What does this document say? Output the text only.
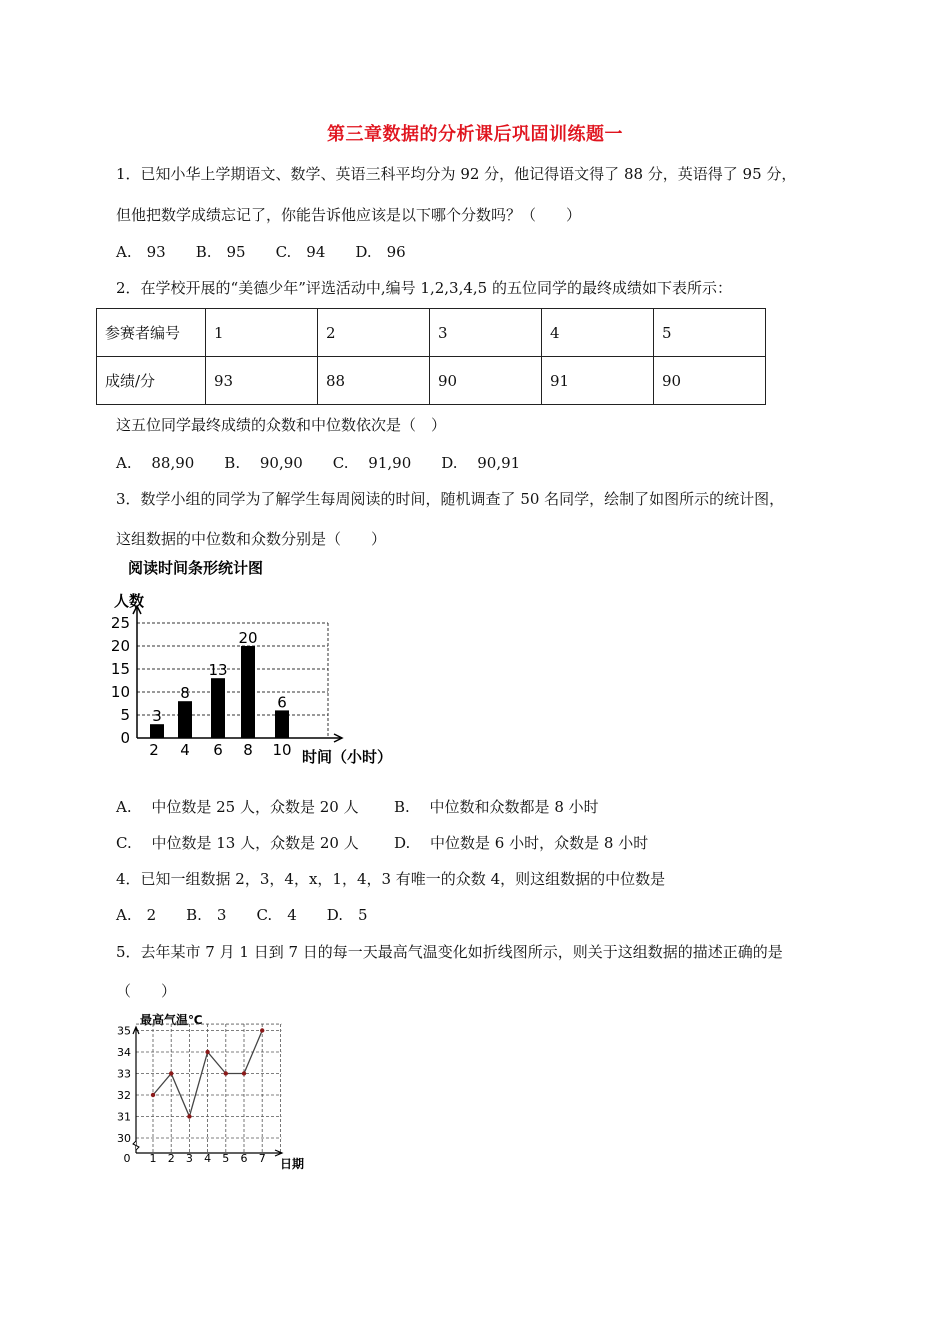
第三章数据的分析课后巩固训练题一
1．已知小华上学期语文、数学、英语三科平均分为 92 分，他记得语文得了 88 分，英语得了 95 分，
但他把数学成绩忘记了，你能告诉他应该是以下哪个分数吗？（　　）
A.　93　　B.　95　　C.　94　　D.　96
2．在学校开展的“美德少年”评选活动中,编号 1,2,3,4,5 的五位同学的最终成绩如下表所示：
参赛者编号	1	2	3	4	5
成绩/分	93	88	90	91	90
这五位同学最终成绩的众数和中位数依次是（　）
A.　 88,90　　B.　 90,90　　C.　 91,90　　D.　 90,91
3．数学小组的同学为了解学生每周阅读的时间，随机调查了 50 名同学，绘制了如图所示的统计图，
这组数据的中位数和众数分别是（　　）
阅读时间条形统计图
人数
0
5
10
15
20
25
3
2
8
4
13
6
20
8
6
10 时间（小时）
A.　 中位数是 25 人，众数是 20 人 B.　 中位数和众数都是 8 小时
C.　 中位数是 13 人，众数是 20 人 D.　 中位数是 6 小时，众数是 8 小时
4．已知一组数据 2，3，4，x，1，4，3 有唯一的众数 4，则这组数据的中位数是
A.　2　　B.　3　　C.　4　　D.　5
5．去年某市 7 月 1 日到 7 日的每一天最高气温变化如折线图所示，则关于这组数据的描述正确的是
（　　）
最高气温℃
30
31
32
33
34
35
0 1 2 3 4 5 6 7 日期
